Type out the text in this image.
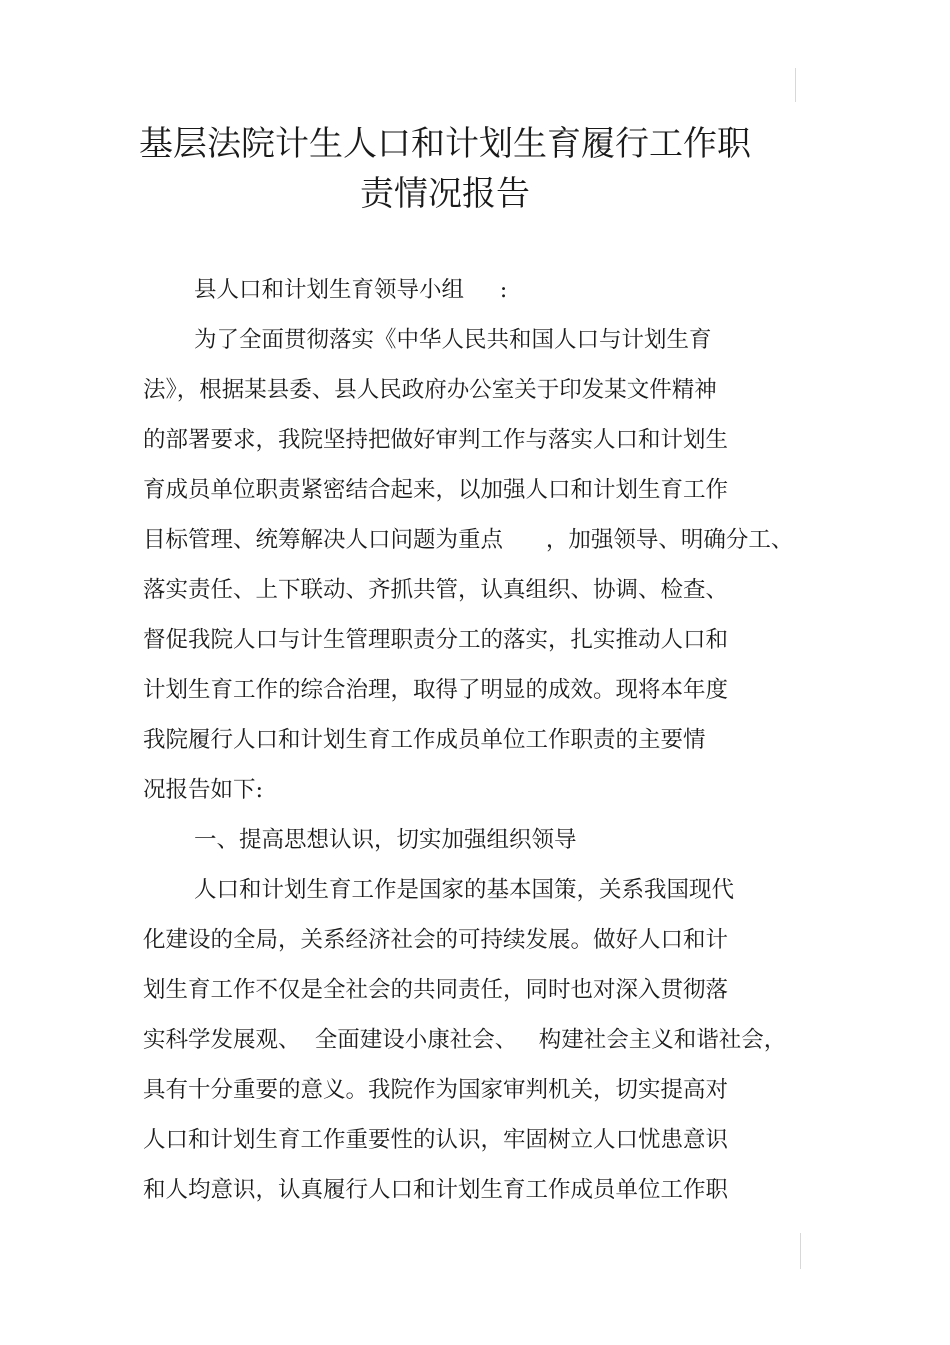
基层法院计生人口和计划生育履行工作职
责情况报告

县人口和计划生育领导小组     :

为了全面贯彻落实《中华人民共和国人口与计划生育

法》，根据某县委、县人民政府办公室关于印发某文件精神

的部署要求，我院坚持把做好审判工作与落实人口和计划生

育成员单位职责紧密结合起来，以加强人口和计划生育工作

目标管理、统筹解决人口问题为重点      ，加强领导、明确分工、

落实责任、上下联动、齐抓共管，认真组织、协调、检查、

督促我院人口与计生管理职责分工的落实，扎实推动人口和

计划生育工作的综合治理，取得了明显的成效。现将本年度

我院履行人口和计划生育工作成员单位工作职责的主要情

况报告如下:

一、提高思想认识，切实加强组织领导

人口和计划生育工作是国家的基本国策，关系我国现代

化建设的全局，关系经济社会的可持续发展。做好人口和计

划生育工作不仅是全社会的共同责任，同时也对深入贯彻落

实科学发展观、  全面建设小康社会、   构建社会主义和谐社会，

具有十分重要的意义。我院作为国家审判机关，切实提高对

人口和计划生育工作重要性的认识，牢固树立人口忧患意识

和人均意识，认真履行人口和计划生育工作成员单位工作职
